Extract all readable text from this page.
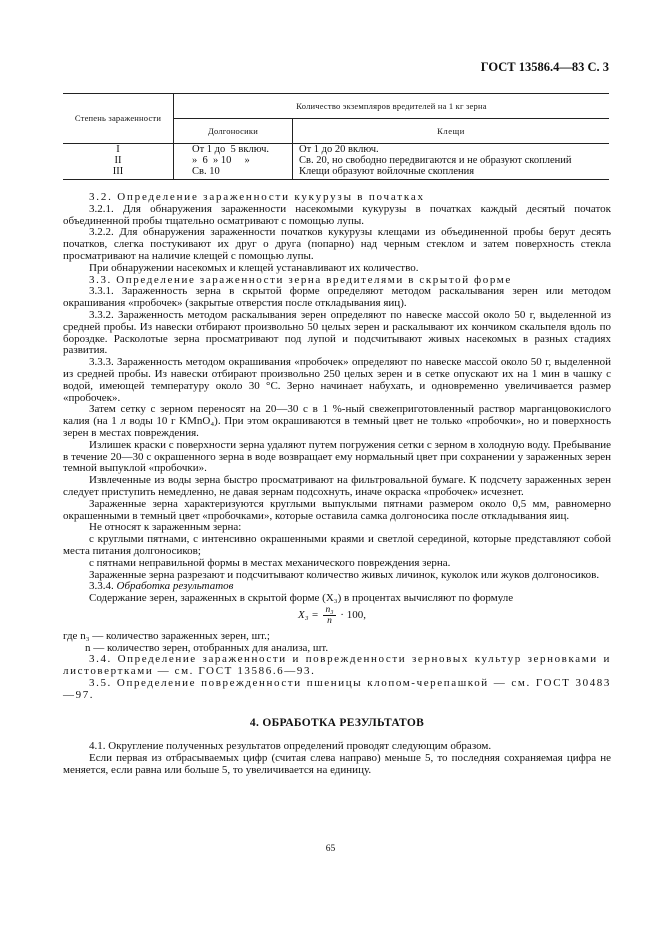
ГОСТ 13586.4—83 С. 3
Степень зараженности	Количество экземпляров вредителей на 1 кг зерна	
	Долгоносики	Клещи
I	От 1 до  5 включ.	От 1 до 20 включ.
II	»  6  » 10     »	Св. 20, но свободно передвигаются и не образуют скоплений
III	Св. 10	Клещи образуют войлочные скопления

3.2. Определение зараженности кукурузы в початках

3.2.1. Для обнаружения зараженности насекомыми кукурузы в початках каждый десятый початок объединенной пробы тщательно осматривают с помощью лупы.

3.2.2. Для обнаружения зараженности початков кукурузы клещами из объединенной пробы берут десять початков, слегка постукивают их друг о друга (попарно) над черным стеклом и затем поверхность стекла просматривают на наличие клещей с помощью лупы.

При обнаружении насекомых и клещей устанавливают их количество.

3.3. Определение зараженности зерна вредителями в скрытой форме

3.3.1. Зараженность зерна в скрытой форме определяют методом раскалывания зерен или методом окрашивания «пробочек» (закрытые отверстия после откладывания яиц).

3.3.2. Зараженность методом раскалывания зерен определяют по навеске массой около 50 г, выделенной из средней пробы. Из навески отбирают произвольно 50 целых зерен и раскалывают их кончиком скальпеля вдоль по бороздке. Расколотые зерна просматривают под лупой и подсчитывают живых насекомых в разных стадиях развития.

3.3.3. Зараженность методом окрашивания «пробочек» определяют по навеске массой около 50 г, выделенной из средней пробы. Из навески отбирают произвольно 250 целых зерен и в сетке опускают их на 1 мин в чашку с водой, имеющей температуру около 30 °С. Зерно начинает набухать, и одновременно увеличивается размер «пробочек».

Затем сетку с зерном переносят на 20—30 с в 1 %-ный свежеприготовленный раствор марганцовокислого калия (на 1 л воды 10 г KMnO₄). При этом окрашиваются в темный цвет не только «пробочки», но и поверхность зерен в местах повреждения.

Излишек краски с поверхности зерна удаляют путем погружения сетки с зерном в холодную воду. Пребывание в течение 20—30 с окрашенного зерна в воде возвращает ему нормальный цвет при сохранении у зараженных зерен темной выпуклой «пробочки».

Извлеченные из воды зерна быстро просматривают на фильтровальной бумаге. К подсчету зараженных зерен следует приступить немедленно, не давая зернам подсохнуть, иначе окраска «пробочек» исчезнет.

Зараженные зерна характеризуются круглыми выпуклыми пятнами размером около 0,5 мм, равномерно окрашенными в темный цвет «пробочками», которые оставила самка долгоносика после откладывания яиц.

Не относят к зараженным зерна:

с круглыми пятнами, с интенсивно окрашенными краями и светлой серединой, которые представляют собой места питания долгоносиков;

с пятнами неправильной формы в местах механического повреждения зерна.

Зараженные зерна разрезают и подсчитывают количество живых личинок, куколок или жуков долгоносиков.

3.3.4. Обработка результатов

Содержание зерен, зараженных в скрытой форме (X₃) в процентах вычисляют по формуле

$X_3 = \frac{\text{n₃}}{n} \cdot 100$,

где n₃ — количество зараженных зерен, шт.;

n — количество зерен, отобранных для анализа, шт.

3.4. Определение зараженности и поврежденности зерновых культур зерновками и листовертками — см. ГОСТ 13586.6—93.

3.5. Определение поврежденности пшеницы клопом-черепашкой — см. ГОСТ 30483—97.

4. ОБРАБОТКА РЕЗУЛЬТАТОВ

4.1. Округление полученных результатов определений проводят следующим образом.

Если первая из отбрасываемых цифр (считая слева направо) меньше 5, то последняя сохраняемая цифра не меняется, если равна или больше 5, то увеличивается на единицу.

65
